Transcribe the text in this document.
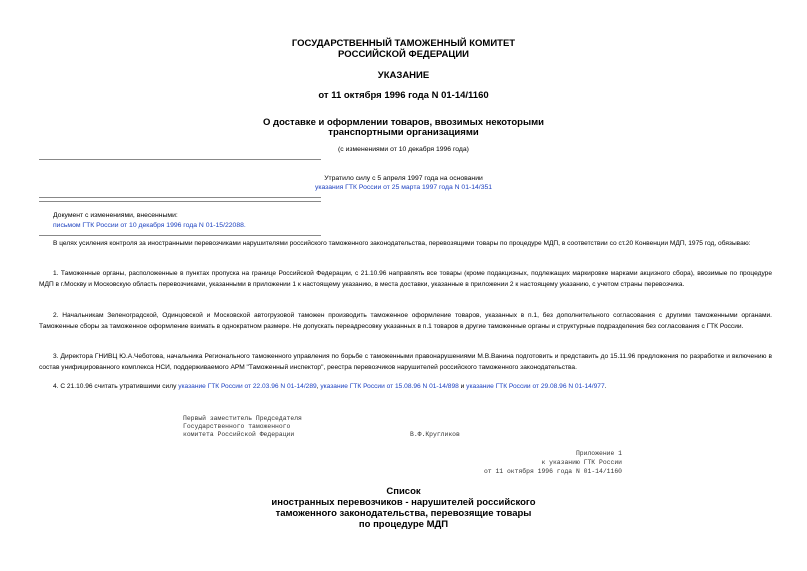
ГОСУДАРСТВЕННЫЙ ТАМОЖЕННЫЙ КОМИТЕТ
РОССИЙСКОЙ ФЕДЕРАЦИИ
УКАЗАНИЕ
от 11 октября 1996 года N 01-14/1160
О доставке и оформлении товаров, ввозимых некоторыми
транспортными организациями
(с изменениями от 10 декабря 1996 года)
Утратило силу с 5 апреля 1997 года на основании
указания ГТК России от 25 марта 1997 года N 01-14/351
Документ с изменениями, внесенными:
письмом ГТК России от 10 декабря 1996 года N 01-15/22088.
В целях усиления контроля за иностранными перевозчиками нарушителями российского таможенного законодательства, перевозящими товары по процедуре МДП, в соответствии со ст.20 Конвенции МДП, 1975 год, обязываю:
1. Таможенные органы, расположенные в пунктах пропуска на границе Российской Федерации, с 21.10.96 направлять все товары (кроме подакцизных, подлежащих маркировке марками акцизного сбора), ввозимые по процедуре МДП в г.Москву и Московскую область перевозчиками, указанными в приложении 1 к настоящему указанию, в места доставки, указанные в приложении 2 к настоящему указанию, с учетом страны перевозчика.
2. Начальникам Зеленоградской, Одинцовской и Московской автогрузовой таможен производить таможенное оформление товаров, указанных в п.1, без дополнительного согласования с другими таможенными органами. Таможенные сборы за таможенное оформление взимать в однократном размере. Не допускать переадресовку указанных в п.1 товаров в другие таможенные органы и структурные подразделения без согласования с ГТК России.
3. Директора ГНИВЦ Ю.А.Чеботова, начальника Регионального таможенного управления по борьбе с таможенными правонарушениями М.В.Ванина подготовить и представить до 15.11.96 предложения по разработке и включению в состав унифицированного комплекса НСИ, поддерживаемого АРМ "Таможенный инспектор", реестра перевозчиков нарушителей российского таможенного законодательства.
4. С 21.10.96 считать утратившими силу указание ГТК России от 22.03.96 N 01-14/289, указание ГТК России от 15.08.96 N 01-14/898 и указание ГТК России от 29.08.96 N 01-14/977.
Первый заместитель Председателя
Государственного таможенного
комитета Российской Федерации	В.Ф.Кругликов
Приложение 1
к указанию ГТК России
от 11 октября 1996 года N 01-14/1160
Список
иностранных перевозчиков - нарушителей российского
таможенного законодательства, перевозящие товары
по процедуре МДП
